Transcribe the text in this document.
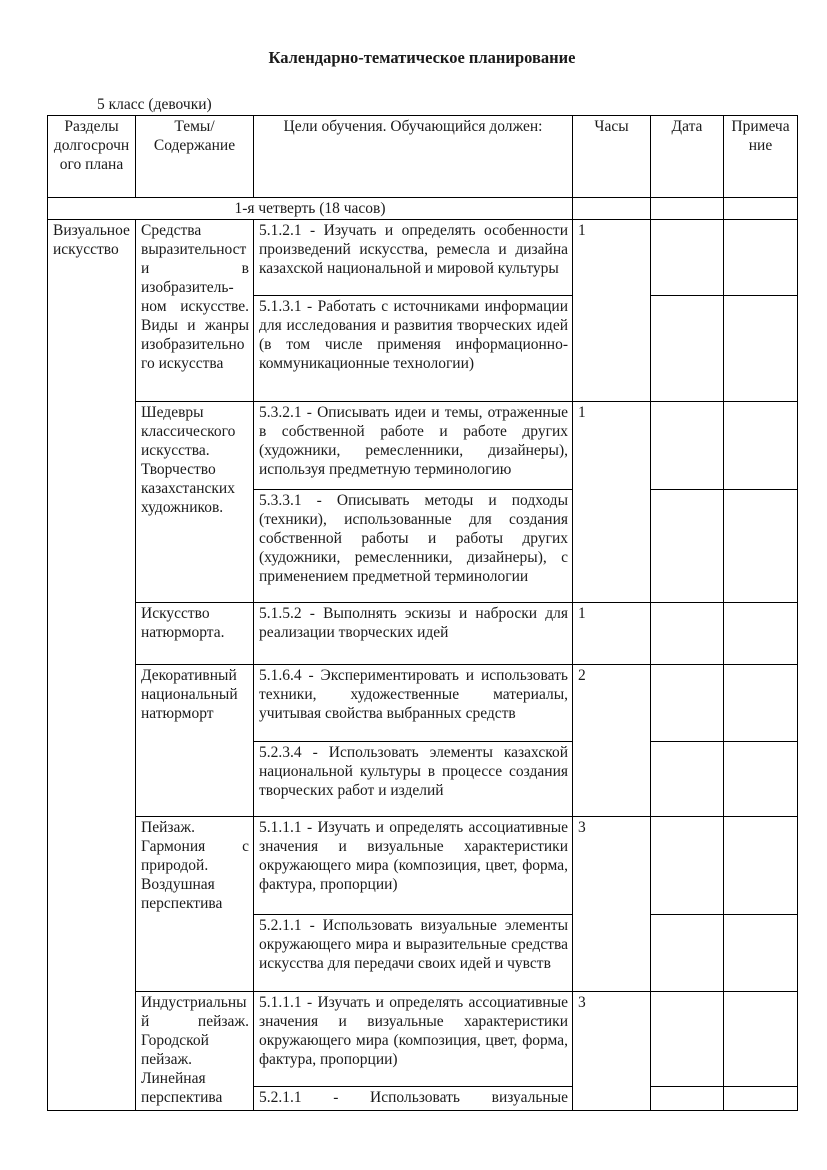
Календарно-тематическое планирование
5 класс (девочки)
Разделы долгосрочного плана	Темы/ Содержание	Цели обучения. Обучающийся должен:	Часы	Дата	Примечание
1-я четверть (18 часов)					
Визуальное искусство	Средства выразительности в изобразитель-ном искусстве. Виды и жанры изобразительного искусства	5.1.2.1 - Изучать и определять особенности произведений искусства, ремесла и дизайна казахской национальной и мировой культуры	1		
		5.1.3.1 - Работать с источниками информации для исследования и развития творческих идей (в том числе применяя информационно-коммуникационные технологии)			
	Шедевры классического искусства. Творчество казахстанских художников.	5.3.2.1 - Описывать идеи и темы, отраженные в собственной работе и работе других (художники, ремесленники, дизайнеры), используя предметную терминологию	1		
		5.3.3.1 - Описывать методы и подходы (техники), использованные для создания собственной работы и работы других (художники, ремесленники, дизайнеры), с применением предметной терминологии			
	Искусство натюрморта.	5.1.5.2 - Выполнять эскизы и наброски для реализации творческих идей	1		
	Декоративный национальный натюрморт	5.1.6.4 - Экспериментировать и использовать техники, художественные материалы, учитывая свойства выбранных средств	2		
		5.2.3.4 - Использовать элементы казахской национальной культуры в процессе создания творческих работ и изделий			
	Пейзаж. Гармония с природой. Воздушная перспектива	5.1.1.1 - Изучать и определять ассоциативные значения и визуальные характеристики окружающего мира (композиция, цвет, форма, фактура, пропорции)	3		
		5.2.1.1 - Использовать визуальные элементы окружающего мира и выразительные средства искусства для передачи своих идей и чувств			
	Индустриальный пейзаж. Городской пейзаж. Линейная перспектива	5.1.1.1 - Изучать и определять ассоциативные значения и визуальные характеристики окружающего мира (композиция, цвет, форма, фактура, пропорции)	3		

		5.2.1.1 - Использовать визуальные			
